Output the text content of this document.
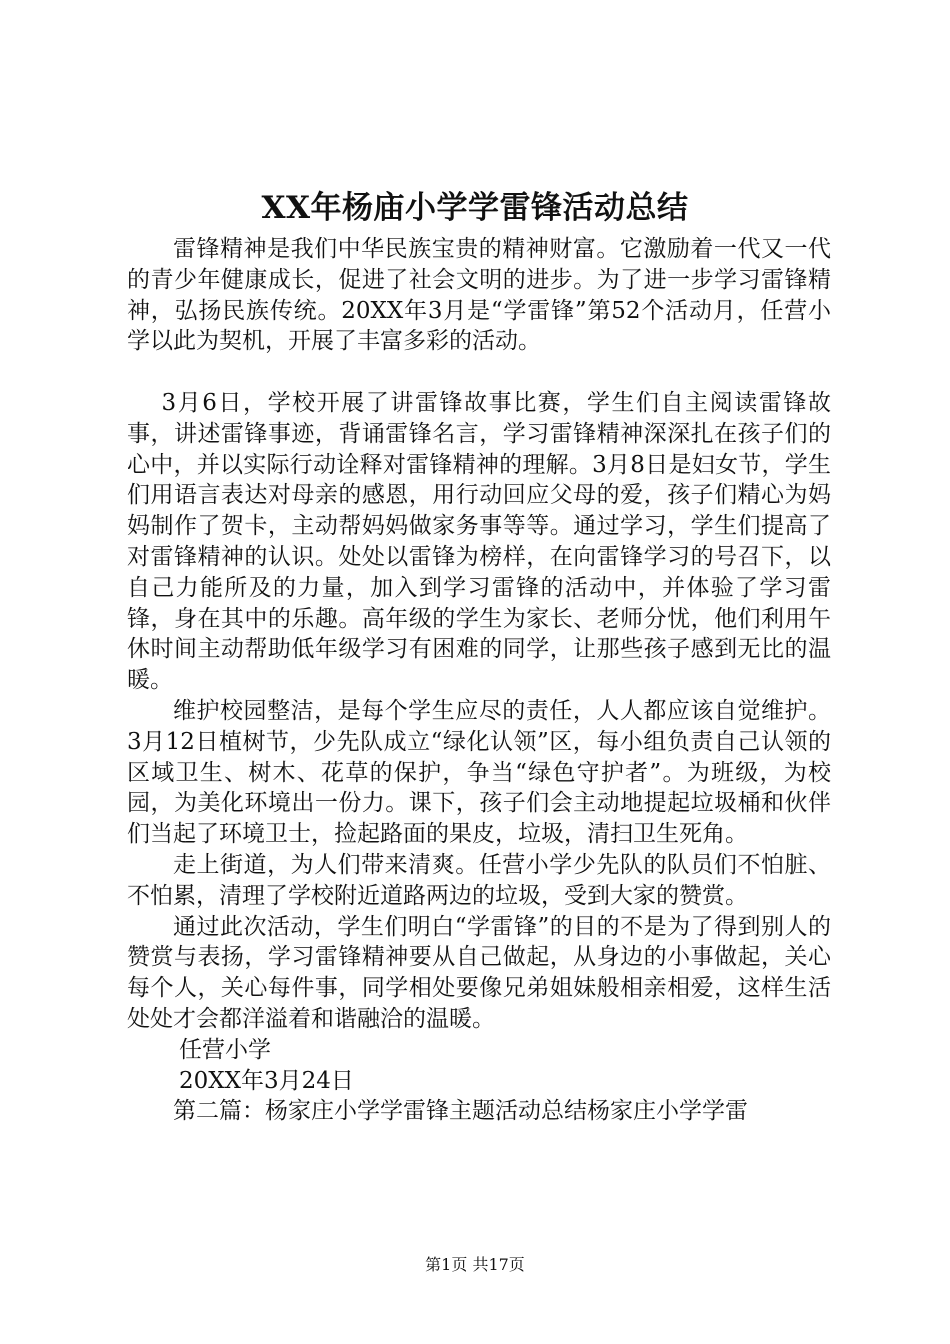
XX年杨庙小学学雷锋活动总结

雷锋精神是我们中华民族宝贵的精神财富。它激励着一代又一代的青少年健康成长，促进了社会文明的进步。为了进一步学习雷锋精神，弘扬民族传统。20XX年3月是“学雷锋”第52个活动月，任营小学以此为契机，开展了丰富多彩的活动。

3月6日，学校开展了讲雷锋故事比赛，学生们自主阅读雷锋故事，讲述雷锋事迹，背诵雷锋名言，学习雷锋精神深深扎在孩子们的心中，并以实际行动诠释对雷锋精神的理解。3月8日是妇女节，学生们用语言表达对母亲的感恩，用行动回应父母的爱，孩子们精心为妈妈制作了贺卡，主动帮妈妈做家务事等等。通过学习，学生们提高了对雷锋精神的认识。处处以雷锋为榜样，在向雷锋学习的号召下，以自己力能所及的力量，加入到学习雷锋的活动中，并体验了学习雷锋，身在其中的乐趣。高年级的学生为家长、老师分忧，他们利用午休时间主动帮助低年级学习有困难的同学，让那些孩子感到无比的温暖。

维护校园整洁，是每个学生应尽的责任，人人都应该自觉维护。3月12日植树节，少先队成立“绿化认领”区，每小组负责自己认领的区域卫生、树木、花草的保护，争当“绿色守护者”。为班级，为校园，为美化环境出一份力。课下，孩子们会主动地提起垃圾桶和伙伴们当起了环境卫士，捡起路面的果皮，垃圾，清扫卫生死角。

走上街道，为人们带来清爽。任营小学少先队的队员们不怕脏、不怕累，清理了学校附近道路两边的垃圾，受到大家的赞赏。

通过此次活动，学生们明白“学雷锋”的目的不是为了得到别人的赞赏与表扬，学习雷锋精神要从自己做起，从身边的小事做起，关心每个人，关心每件事，同学相处要像兄弟姐妹般相亲相爱，这样生活处处才会都洋溢着和谐融洽的温暖。

任营小学

20XX年3月24日

第二篇：杨家庄小学学雷锋主题活动总结杨家庄小学学雷

第1页 共17页
